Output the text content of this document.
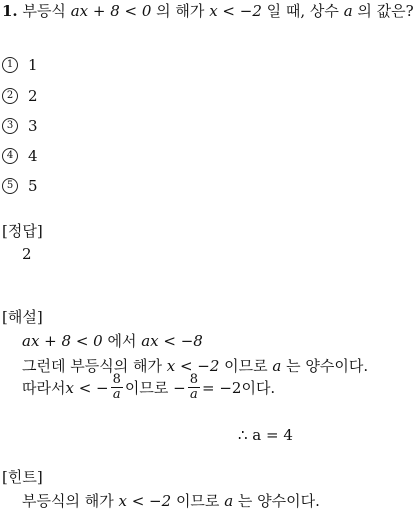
1. 부등식 ax + 8 < 0 의 해가 x < −2 일 때, 상수 a 의 값은?
1 1
2 2
3 3
4 4
5 5
[정답]
2
[해설]
ax + 8 < 0 에서 ax < −8
그런데 부등식의 해가 x < −2 이므로 a 는 양수이다.
따라서 x < − $\frac{8}{a}$ 이므로 − $\frac{8}{a} = -2$ 이다.
∴ a = 4
[힌트]
부등식의 해가 x < −2 이므로 a 는 양수이다.
